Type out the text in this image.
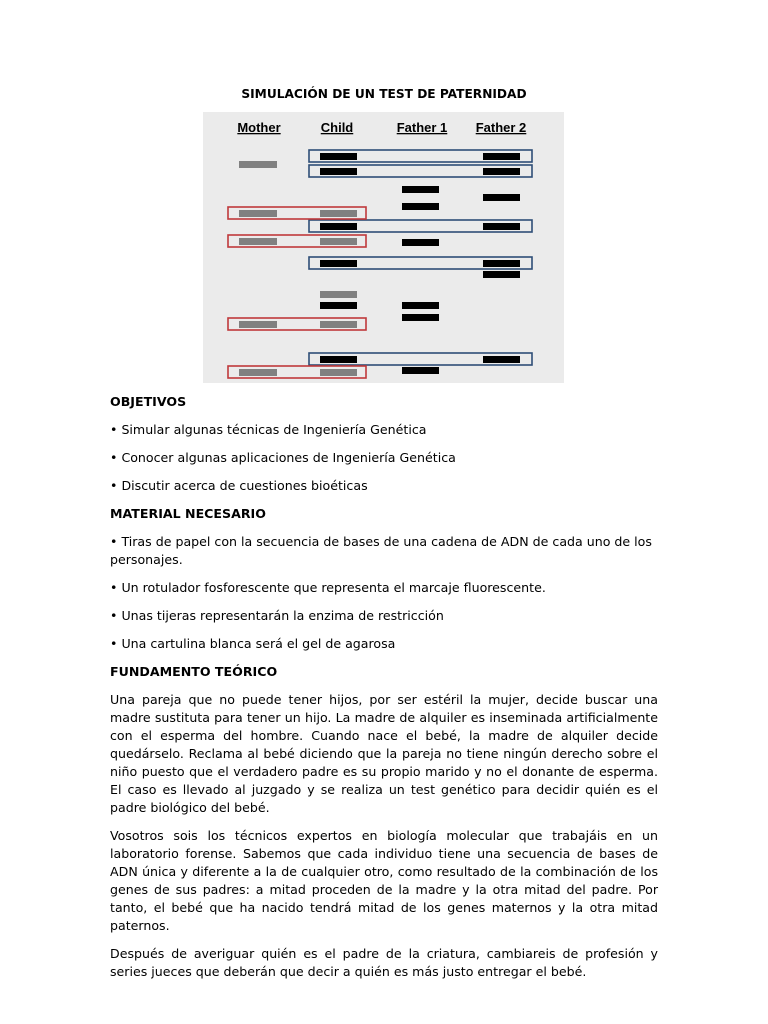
SIMULACIÓN DE UN TEST DE PATERNIDAD
Mother	Child	Father 1 Father 2
OBJETIVOS
• Simular algunas técnicas de Ingeniería Genética
• Conocer algunas aplicaciones de Ingeniería Genética
• Discutir acerca de cuestiones bioéticas
MATERIAL NECESARIO
• Tiras de papel con la secuencia de bases de una cadena de ADN de cada uno de los personajes.
• Un rotulador fosforescente que representa el marcaje fluorescente.
• Unas tijeras representarán la enzima de restricción
• Una cartulina blanca será el gel de agarosa
FUNDAMENTO TEÓRICO

Una pareja que no puede tener hijos, por ser estéril la mujer, decide buscar una madre sustituta para tener un hijo. La madre de alquiler es inseminada artificialmente con el esperma del hombre. Cuando nace el bebé, la madre de alquiler decide quedárselo. Reclama al bebé diciendo que la pareja no tiene ningún derecho sobre el niño puesto que el verdadero padre es su propio marido y no el donante de esperma. El caso es llevado al juzgado y se realiza un test genético para decidir quién es el padre biológico del bebé.

Vosotros sois los técnicos expertos en biología molecular que trabajáis en un laboratorio forense. Sabemos que cada individuo tiene una secuencia de bases de ADN única y diferente a la de cualquier otro, como resultado de la combinación de los genes de sus padres: a mitad proceden de la madre y la otra mitad del padre. Por tanto, el bebé que ha nacido tendrá mitad de los genes maternos y la otra mitad paternos.

Después de averiguar quién es el padre de la criatura, cambiareis de profesión y series jueces que deberán que decir a quién es más justo entregar el bebé.
